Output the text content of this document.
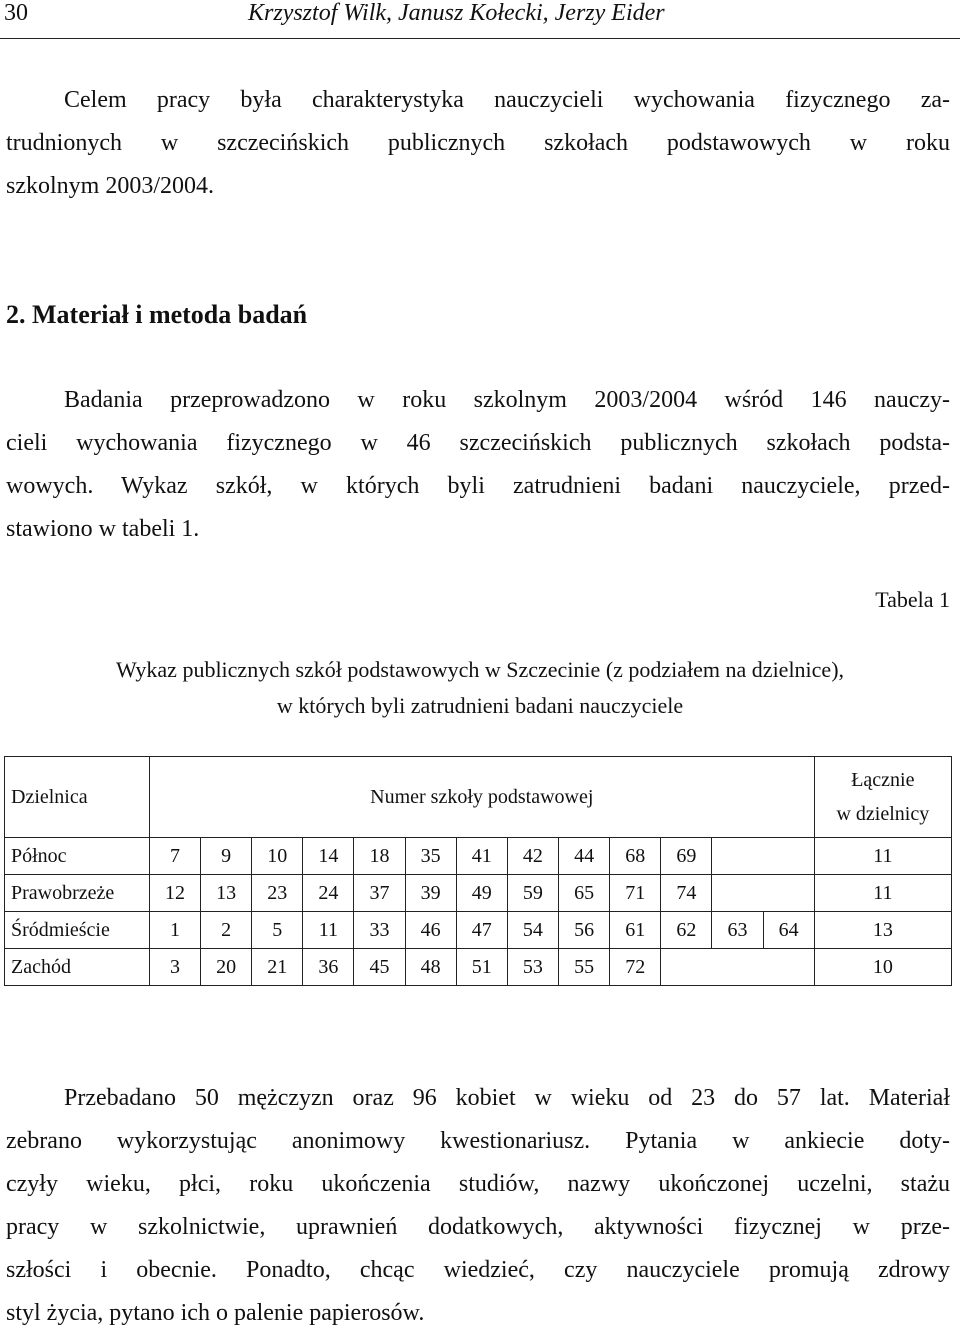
30	Krzysztof Wilk, Janusz Kołecki, Jerzy Eider

Celem pracy była charakterystyka nauczycieli wychowania fizycznego za-
trudnionych w szczecińskich publicznych szkołach podstawowych w roku
szkolnym 2003/2004.

2. Materiał i metoda badań

Badania przeprowadzono w roku szkolnym 2003/2004 wśród 146 nauczy-
cieli wychowania fizycznego w 46 szczecińskich publicznych szkołach podsta-
wowych. Wykaz szkół, w których byli zatrudnieni badani nauczyciele, przed-
stawiono w tabeli 1.

Tabela 1
Wykaz publicznych szkół podstawowych w Szczecinie (z podziałem na dzielnice),
w których byli zatrudnieni badani nauczyciele
Dzielnica	Numer szkoły podstawowej													Łącznie
w dzielnicy

Północ	7	9	10	14	18	35	41	42	44	68	69			11
Prawobrzeże	12	13	23	24	37	39	49	59	65	71	74			11
Śródmieście	1	2	5	11	33	46	47	54	56	61	62	63	64	13
Zachód	3	20	21	36	45	48	51	53	55	72				10

Przebadano 50 mężczyzn oraz 96 kobiet w wieku od 23 do 57 lat. Materiał
zebrano wykorzystując anonimowy kwestionariusz. Pytania w ankiecie doty-
czyły wieku, płci, roku ukończenia studiów, nazwy ukończonej uczelni, stażu
pracy w szkolnictwie, uprawnień dodatkowych, aktywności fizycznej w prze-
szłości i obecnie. Ponadto, chcąc wiedzieć, czy nauczyciele promują zdrowy
styl życia, pytano ich o palenie papierosów.
